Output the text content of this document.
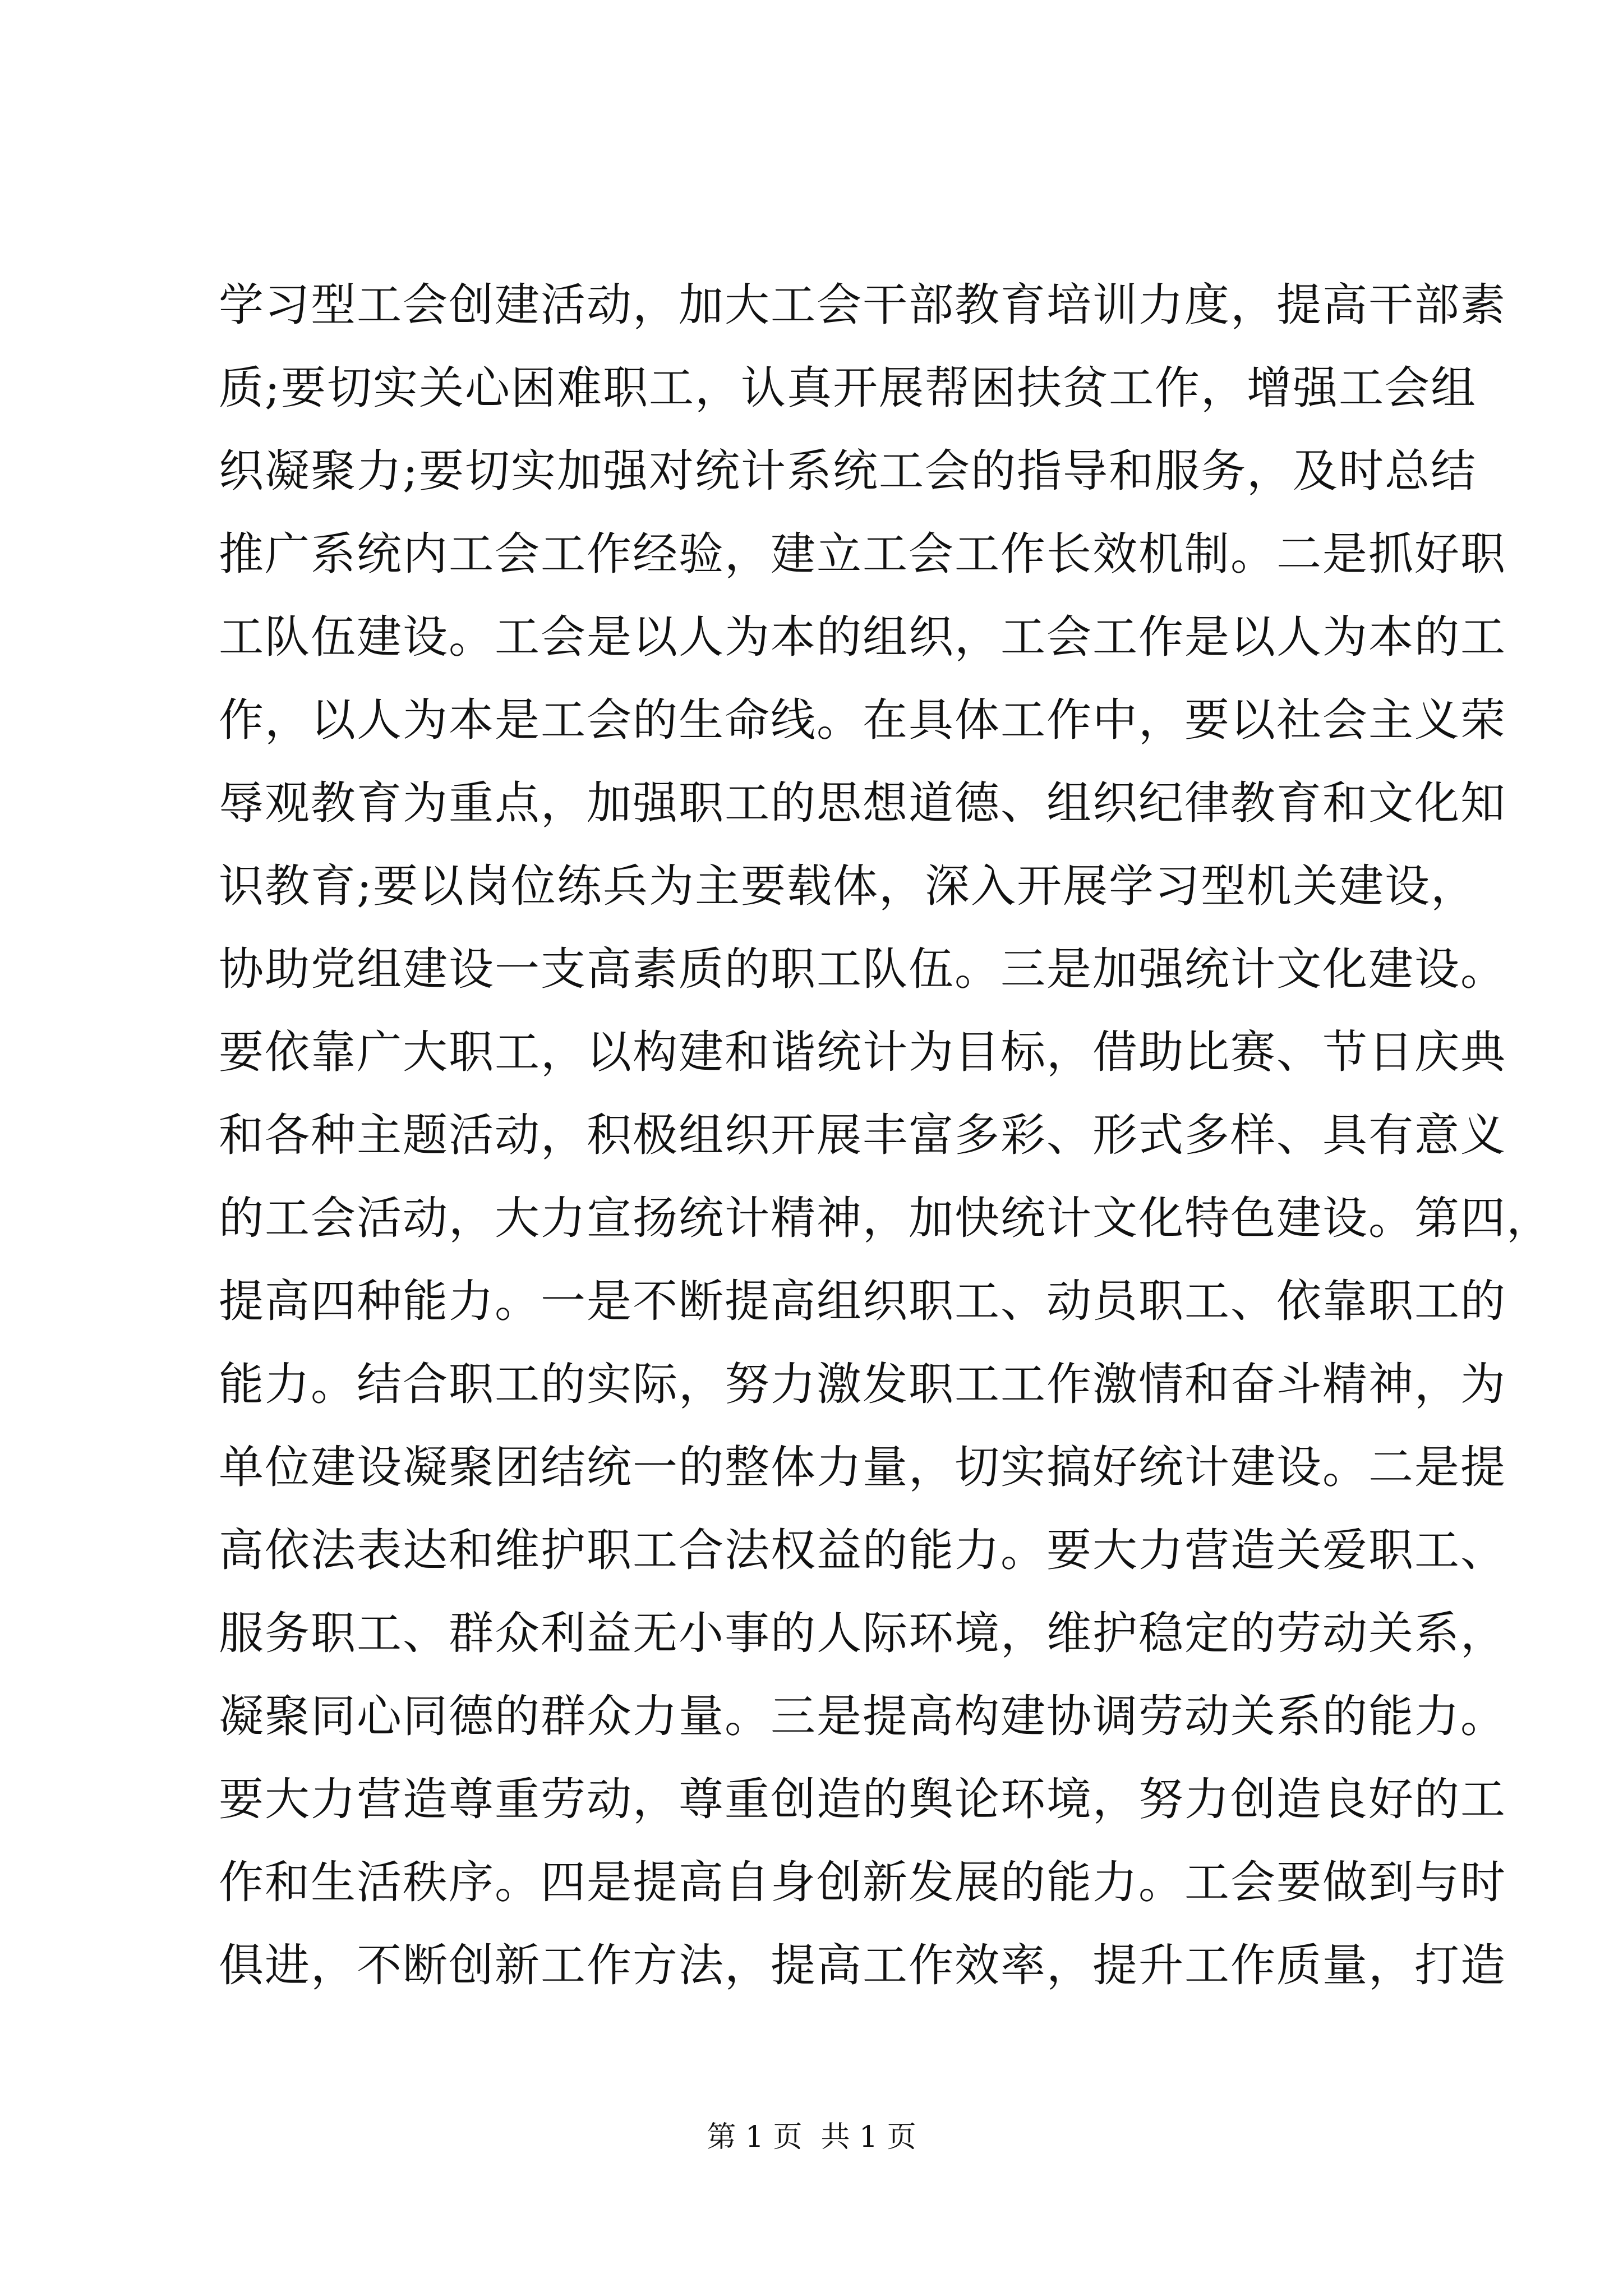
学习型工会创建活动，加大工会干部教育培训力度，提高干部素
质;要切实关心困难职工，认真开展帮困扶贫工作，增强工会组
织凝聚力;要切实加强对统计系统工会的指导和服务，及时总结
推广系统内工会工作经验，建立工会工作长效机制。二是抓好职
工队伍建设。工会是以人为本的组织，工会工作是以人为本的工
作，以人为本是工会的生命线。在具体工作中，要以社会主义荣
辱观教育为重点，加强职工的思想道德、组织纪律教育和文化知
识教育;要以岗位练兵为主要载体，深入开展学习型机关建设，
协助党组建设一支高素质的职工队伍。三是加强统计文化建设。
要依靠广大职工，以构建和谐统计为目标，借助比赛、节日庆典
和各种主题活动，积极组织开展丰富多彩、形式多样、具有意义
的工会活动，大力宣扬统计精神，加快统计文化特色建设。第四，
提高四种能力。一是不断提高组织职工、动员职工、依靠职工的
能力。结合职工的实际，努力激发职工工作激情和奋斗精神，为
单位建设凝聚团结统一的整体力量，切实搞好统计建设。二是提
高依法表达和维护职工合法权益的能力。要大力营造关爱职工、
服务职工、群众利益无小事的人际环境，维护稳定的劳动关系，
凝聚同心同德的群众力量。三是提高构建协调劳动关系的能力。
要大力营造尊重劳动，尊重创造的舆论环境，努力创造良好的工
作和生活秩序。四是提高自身创新发展的能力。工会要做到与时
俱进，不断创新工作方法，提高工作效率，提升工作质量，打造
第 1 页  共 1 页
